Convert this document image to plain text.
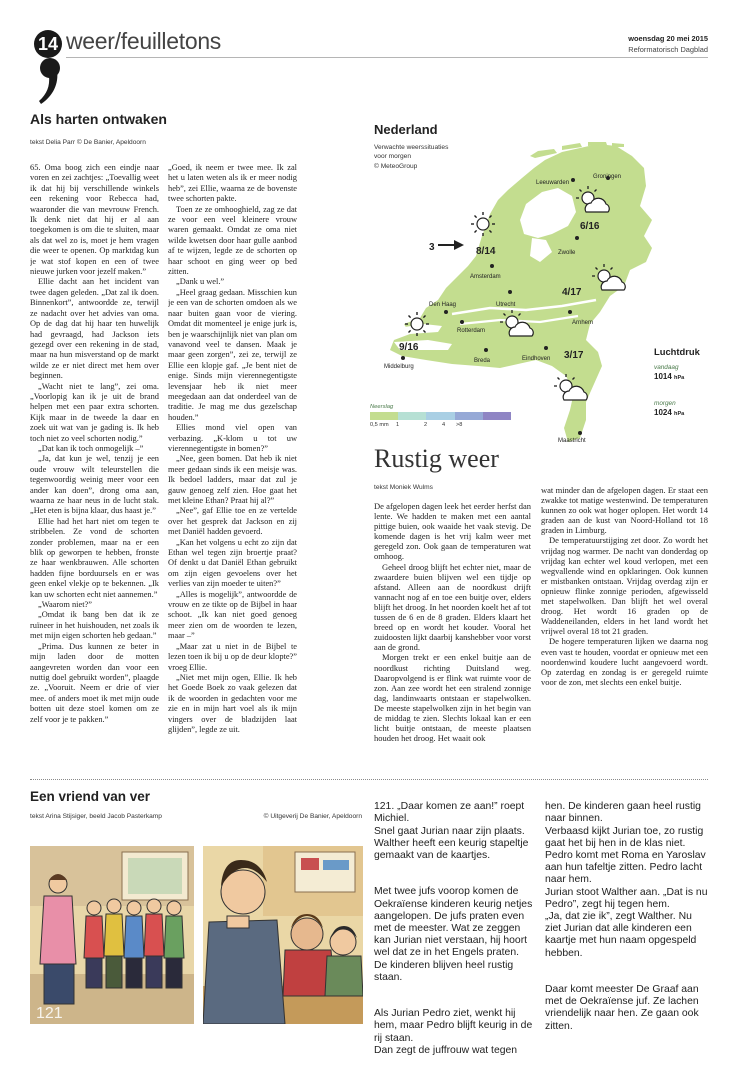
14 weer/feuilletons	woensdag 20 mei 2015
Reformatorisch Dagblad
Als harten ontwaken
tekst Delia Parr © De Banier, Apeldoorn

65. Oma boog zich een eindje naar voren en zei zachtjes: „Toevallig weet ik dat hij bij verschillende winkels een rekening voor Rebecca had, waaronder die van mevrouw French. Ik denk niet dat hij er al aan toegekomen is om die te sluiten, maar als dat wel zo is, moet je hem vragen die weer te openen. Op marktdag kun je wat stof kopen en een of twee nieuwe jurken voor jezelf maken.”

Ellie dacht aan het incident van twee dagen geleden. „Dat zal ik doen. Binnenkort”, antwoordde ze, terwijl ze nadacht over het advies van oma. Op de dag dat hij haar ten huwelijk had gevraagd, had Jackson iets gezegd over een rekening in de stad, maar na hun misverstand op de markt wilde ze er niet direct met hem over beginnen.

„Wacht niet te lang”, zei oma. „Voorlopig kan ik je uit de brand helpen met een paar extra schorten. Kijk maar in de tweede la daar en zoek uit wat van je gading is. Ik heb toch niet zo veel schorten nodig.”

„Dat kan ik toch onmogelijk –”

„Ja, dat kun je wel, tenzij je een oude vrouw wilt teleurstellen die tegenwoordig weinig meer voor een ander kan doen”, drong oma aan, waarna ze haar neus in de lucht stak. „Het eten is bijna klaar, dus haast je.”

Ellie had het hart niet om tegen te stribbelen. Ze vond de schorten zonder problemen, maar na er een blik op geworpen te hebben, fronste ze haar wenkbrauwen. Alle schorten hadden fijne borduursels en er was geen enkel vlekje op te bekennen. „Ik kan uw schorten echt niet aannemen.”

„Waarom niet?”

„Omdat ik bang ben dat ik ze ruïneer in het huishouden, net zoals ik met mijn eigen schorten heb gedaan.”

„Prima. Dus kunnen ze beter in mijn laden door de motten aangevreten worden dan voor een nuttig doel gebruikt worden”, plaagde ze. „Vooruit. Neem er drie of vier mee. of anders moet ik met mijn oude botten uit deze stoel komen om ze zelf voor je te pakken.”

„Goed, ik neem er twee mee. Ik zal het u laten weten als ik er meer nodig heb”, zei Ellie, waarna ze de bovenste twee schorten pakte.

Toen ze ze omhooghield, zag ze dat ze voor een veel kleinere vrouw waren gemaakt. Omdat ze oma niet wilde kwetsen door haar gulle aanbod af te wijzen, legde ze de schorten op haar schoot en ging weer op bed zitten.

„Dank u wel.”

„Heel graag gedaan. Misschien kun je een van de schorten omdoen als we naar buiten gaan voor de viering. Omdat dit momenteel je enige jurk is, ben je waarschijnlijk niet van plan om vanavond veel te dansen. Maak je maar geen zorgen”, zei ze, terwijl ze Ellie een klopje gaf. „Je bent niet de enige. Sinds mijn vierennegentigste levensjaar heb ik niet meer meegedaan aan dat onderdeel van de traditie. Je mag me dus gezelschap houden.”

Ellies mond viel open van verbazing. „K-klom u tot uw vierennegentigste in bomen?”

„Nee, geen bomen. Dat heb ik niet meer gedaan sinds ik een meisje was. Ik bedoel ladders, maar dat zul je gauw genoeg zelf zien. Hoe gaat het met kleine Ethan? Praat hij al?”

„Nee”, gaf Ellie toe en ze vertelde over het gesprek dat Jackson en zij met Daniël hadden gevoerd.

„Kan het volgens u echt zo zijn dat Ethan wel tegen zijn broertje praat? Of denkt u dat Daniël Ethan gebruikt om zijn eigen gevoelens over het verlies van zijn moeder te uiten?”

„Alles is mogelijk”, antwoordde de vrouw en ze tikte op de Bijbel in haar schoot. „Ik kan niet goed genoeg meer zien om de woorden te lezen, maar –”

„Maar zat u niet in de Bijbel te lezen toen ik bij u op de deur klopte?” vroeg Ellie.

„Niet met mijn ogen, Ellie. Ik heb het Goede Boek zo vaak gelezen dat ik de woorden in gedachten voor me zie en in mijn hart voel als ik mijn vingers over de bladzijden laat glijden”, legde ze uit.

Nederland
Verwachte weerssituaties
voor morgen
© MeteoGroup
Leeuwarden
Groningen
Zwolle
Amsterdam
Den Haag	Utrecht
Rotterdam
Arnhem
Eindhoven
Breda
Middelburg
Maastricht
3	8/14
6/16
4/17
9/16
3/17
Neerslag
0,5 mm 1	2	4 >8
Luchtdruk
vandaag
1014 hPa
morgen
1024 hPa
Rustig weer
tekst Moniek Wulms

De afgelopen dagen leek het eerder herfst dan lente. We hadden te maken met een aantal pittige buien, ook waaide het vaak stevig. De komende dagen is het vrij kalm weer met geregeld zon. Ook gaan de temperaturen wat omhoog.

Geheel droog blijft het echter niet, maar de zwaardere buien blijven wel een tijdje op afstand. Alleen aan de noordkust drijft vannacht nog af en toe een buitje over, elders blijft het droog. In het noorden koelt het af tot tussen de 6 en de 8 graden. Elders klaart het breed op en wordt het kouder. Vooral het zuidoosten lijkt daarbij kanshebber voor vorst aan de grond.

Morgen trekt er een enkel buitje aan de noordkust richting Duitsland weg. Daaropvolgend is er flink wat ruimte voor de zon. Aan zee wordt het een stralend zonnige dag, landinwaarts ontstaan er stapelwolken. De meeste stapelwolken zijn in het begin van de middag te zien. Slechts lokaal kan er een licht buitje ontstaan, de meeste plaatsen houden het droog. Het waait ook

wat minder dan de afgelopen dagen. Er staat een zwakke tot matige westenwind. De temperaturen kunnen zo ook wat hoger oplopen. Het wordt 14 graden aan de kust van Noord-Holland tot 18 graden in Limburg.

De temperatuurstijging zet door. Zo wordt het vrijdag nog warmer. De nacht van donderdag op vrijdag kan echter wel koud verlopen, met een wegvallende wind en opklaringen. Ook kunnen er mistbanken ontstaan. Vrijdag overdag zijn er opnieuw flinke zonnige perioden, afgewisseld met stapelwolken. Dan blijft het wel overal droog. Het wordt 16 graden op de Waddeneilanden, elders in het land wordt het vrijwel overal 18 tot 21 graden.

De hogere temperaturen lijken we daarna nog even vast te houden, voordat er opnieuw met een noordenwind koudere lucht aangevoerd wordt. Op zaterdag en zondag is er geregeld ruimte voor de zon, met slechts een enkel buitje.

Een vriend van ver
tekst Arina Stijsiger, beeld Jacob Pasterkamp	© Uitgeverij De Banier, Apeldoorn
121

121. „Daar komen ze aan!” roept Michiel.
Snel gaat Jurian naar zijn plaats. Walther heeft een keurig stapeltje gemaakt van de kaartjes.

Met twee jufs voorop komen de Oekraïense kinderen keurig netjes aangelopen. De jufs praten even met de meester. Wat ze zeggen kan Jurian niet verstaan, hij hoort wel dat ze in het Engels praten. De kinderen blijven heel rustig staan.

Als Jurian Pedro ziet, wenkt hij hem, maar Pedro blijft keurig in de rij staan.
Dan zegt de juffrouw wat tegen

hen. De kinderen gaan heel rustig naar binnen.
Verbaasd kijkt Jurian toe, zo rustig gaat het bij hen in de klas niet.
Pedro komt met Roma en Yaroslav aan hun tafeltje zitten. Pedro lacht naar hem.
Jurian stoot Walther aan. „Dat is nu Pedro”, zegt hij tegen hem.
„Ja, dat zie ik”, zegt Walther. Nu ziet Jurian dat alle kinderen een kaartje met hun naam opgespeld hebben.

Daar komt meester De Graaf aan met de Oekraïense juf. Ze lachen vriendelijk naar hen. Ze gaan ook zitten.
